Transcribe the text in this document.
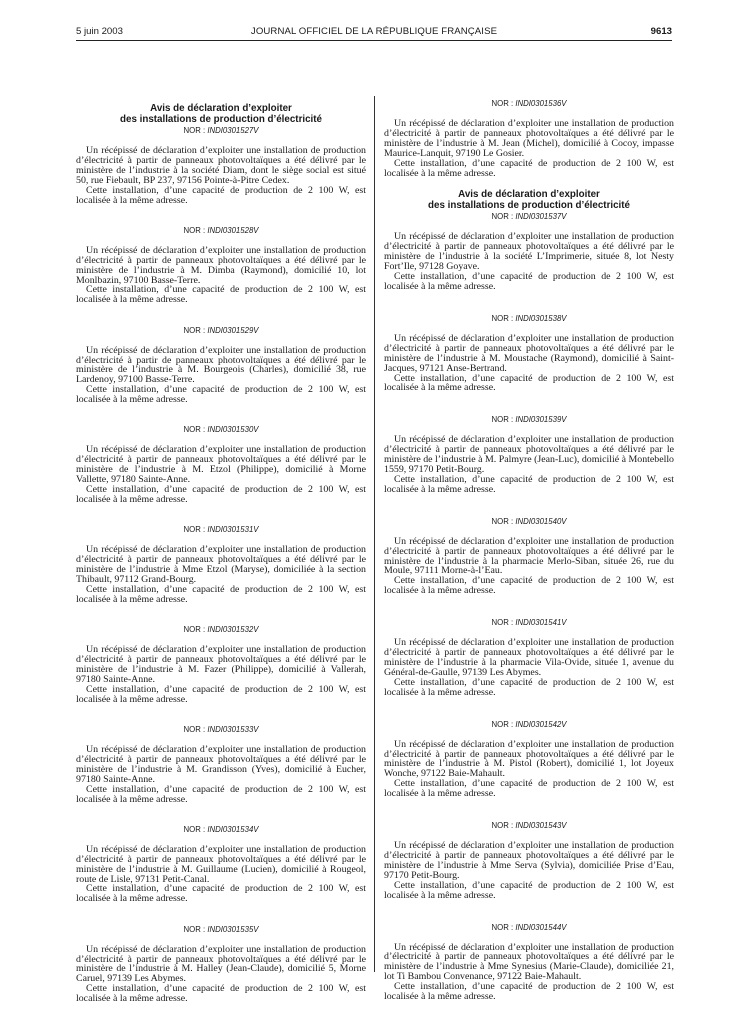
5 juin 2003	JOURNAL OFFICIEL DE LA RÉPUBLIQUE FRANÇAISE	9613

Avis de déclaration d’exploiter
des installations de production d’électricité

NOR : INDI0301527V

Un récépissé de déclaration d’exploiter une installation de production d’électricité à partir de panneaux photovoltaïques a été délivré par le ministère de l’industrie à la société Diam, dont le siège social est situé 50, rue Fiebault, BP 237, 97156 Pointe-à-Pitre Cedex.

Cette installation, d’une capacité de production de 2 100 W, est localisée à la même adresse.

NOR : INDI0301528V

Un récépissé de déclaration d’exploiter une installation de production d’électricité à partir de panneaux photovoltaïques a été délivré par le ministère de l’industrie à M. Dimba (Raymond), domicilié 10, lot Monlbazin, 97100 Basse-Terre.

Cette installation, d’une capacité de production de 2 100 W, est localisée à la même adresse.

NOR : INDI0301529V

Un récépissé de déclaration d’exploiter une installation de production d’électricité à partir de panneaux photovoltaïques a été délivré par le ministère de l’industrie à M. Bourgeois (Charles), domicilié 38, rue Lardenoy, 97100 Basse-Terre.

Cette installation, d’une capacité de production de 2 100 W, est localisée à la même adresse.

NOR : INDI0301530V

Un récépissé de déclaration d’exploiter une installation de production d’électricité à partir de panneaux photovoltaïques a été délivré par le ministère de l’industrie à M. Etzol (Philippe), domicilié à Morne Vallette, 97180 Sainte-Anne.

Cette installation, d’une capacité de production de 2 100 W, est localisée à la même adresse.

NOR : INDI0301531V

Un récépissé de déclaration d’exploiter une installation de production d’électricité à partir de panneaux photovoltaïques a été délivré par le ministère de l’industrie à Mme Etzol (Maryse), domiciliée à la section Thibault, 97112 Grand-Bourg.

Cette installation, d’une capacité de production de 2 100 W, est localisée à la même adresse.

NOR : INDI0301532V

Un récépissé de déclaration d’exploiter une installation de production d’électricité à partir de panneaux photovoltaïques a été délivré par le ministère de l’industrie à M. Fazer (Philippe), domicilié à Vallerah, 97180 Sainte-Anne.

Cette installation, d’une capacité de production de 2 100 W, est localisée à la même adresse.

NOR : INDI0301533V

Un récépissé de déclaration d’exploiter une installation de production d’électricité à partir de panneaux photovoltaïques a été délivré par le ministère de l’industrie à M. Grandisson (Yves), domicilié à Eucher, 97180 Sainte-Anne.

Cette installation, d’une capacité de production de 2 100 W, est localisée à la même adresse.

NOR : INDI0301534V

Un récépissé de déclaration d’exploiter une installation de production d’électricité à partir de panneaux photovoltaïques a été délivré par le ministère de l’industrie à M. Guillaume (Lucien), domicilié à Rougeol, route de Lisle, 97131 Petit-Canal.

Cette installation, d’une capacité de production de 2 100 W, est localisée à la même adresse.

NOR : INDI0301535V

Un récépissé de déclaration d’exploiter une installation de production d’électricité à partir de panneaux photovoltaïques a été délivré par le ministère de l’industrie à M. Halley (Jean-Claude), domicilié 5, Morne Caruel, 97139 Les Abymes.

Cette installation, d’une capacité de production de 2 100 W, est localisée à la même adresse.

NOR : INDI0301536V

Un récépissé de déclaration d’exploiter une installation de production d’électricité à partir de panneaux photovoltaïques a été délivré par le ministère de l’industrie à M. Jean (Michel), domicilié à Cocoy, impasse Maurice-Lanquit, 97190 Le Gosier.

Cette installation, d’une capacité de production de 2 100 W, est localisée à la même adresse.

Avis de déclaration d’exploiter
des installations de production d’électricité

NOR : INDI0301537V

Un récépissé de déclaration d’exploiter une installation de production d’électricité à partir de panneaux photovoltaïques a été délivré par le ministère de l’industrie à la société L’Imprimerie, située 8, lot Nesty Fort’Ile, 97128 Goyave.

Cette installation, d’une capacité de production de 2 100 W, est localisée à la même adresse.

NOR : INDI0301538V

Un récépissé de déclaration d’exploiter une installation de production d’électricité à partir de panneaux photovoltaïques a été délivré par le ministère de l’industrie à M. Moustache (Raymond), domicilié à Saint-Jacques, 97121 Anse-Bertrand.

Cette installation, d’une capacité de production de 2 100 W, est localisée à la même adresse.

NOR : INDI0301539V

Un récépissé de déclaration d’exploiter une installation de production d’électricité à partir de panneaux photovoltaïques a été délivré par le ministère de l’industrie à M. Palmyre (Jean-Luc), domicilié à Montebello 1559, 97170 Petit-Bourg.

Cette installation, d’une capacité de production de 2 100 W, est localisée à la même adresse.

NOR : INDI0301540V

Un récépissé de déclaration d’exploiter une installation de production d’électricité à partir de panneaux photovoltaïques a été délivré par le ministère de l’industrie à la pharmacie Merlo-Siban, située 26, rue du Moule, 97111 Morne-à-l’Eau.

Cette installation, d’une capacité de production de 2 100 W, est localisée à la même adresse.

NOR : INDI0301541V

Un récépissé de déclaration d’exploiter une installation de production d’électricité à partir de panneaux photovoltaïques a été délivré par le ministère de l’industrie à la pharmacie Vila-Ovide, située 1, avenue du Général-de-Gaulle, 97139 Les Abymes.

Cette installation, d’une capacité de production de 2 100 W, est localisée à la même adresse.

NOR : INDI0301542V

Un récépissé de déclaration d’exploiter une installation de production d’électricité à partir de panneaux photovoltaïques a été délivré par le ministère de l’industrie à M. Pistol (Robert), domicilié 1, lot Joyeux Wonche, 97122 Baie-Mahault.

Cette installation, d’une capacité de production de 2 100 W, est localisée à la même adresse.

NOR : INDI0301543V

Un récépissé de déclaration d’exploiter une installation de production d’électricité à partir de panneaux photovoltaïques a été délivré par le ministère de l’industrie à Mme Serva (Sylvia), domiciliée Prise d’Eau, 97170 Petit-Bourg.

Cette installation, d’une capacité de production de 2 100 W, est localisée à la même adresse.

NOR : INDI0301544V

Un récépissé de déclaration d’exploiter une installation de production d’électricité à partir de panneaux photovoltaïques a été délivré par le ministère de l’industrie à Mme Synesius (Marie-Claude), domiciliée 21, lot Ti Bambou Convenance, 97122 Baie-Mahault.

Cette installation, d’une capacité de production de 2 100 W, est localisée à la même adresse.
